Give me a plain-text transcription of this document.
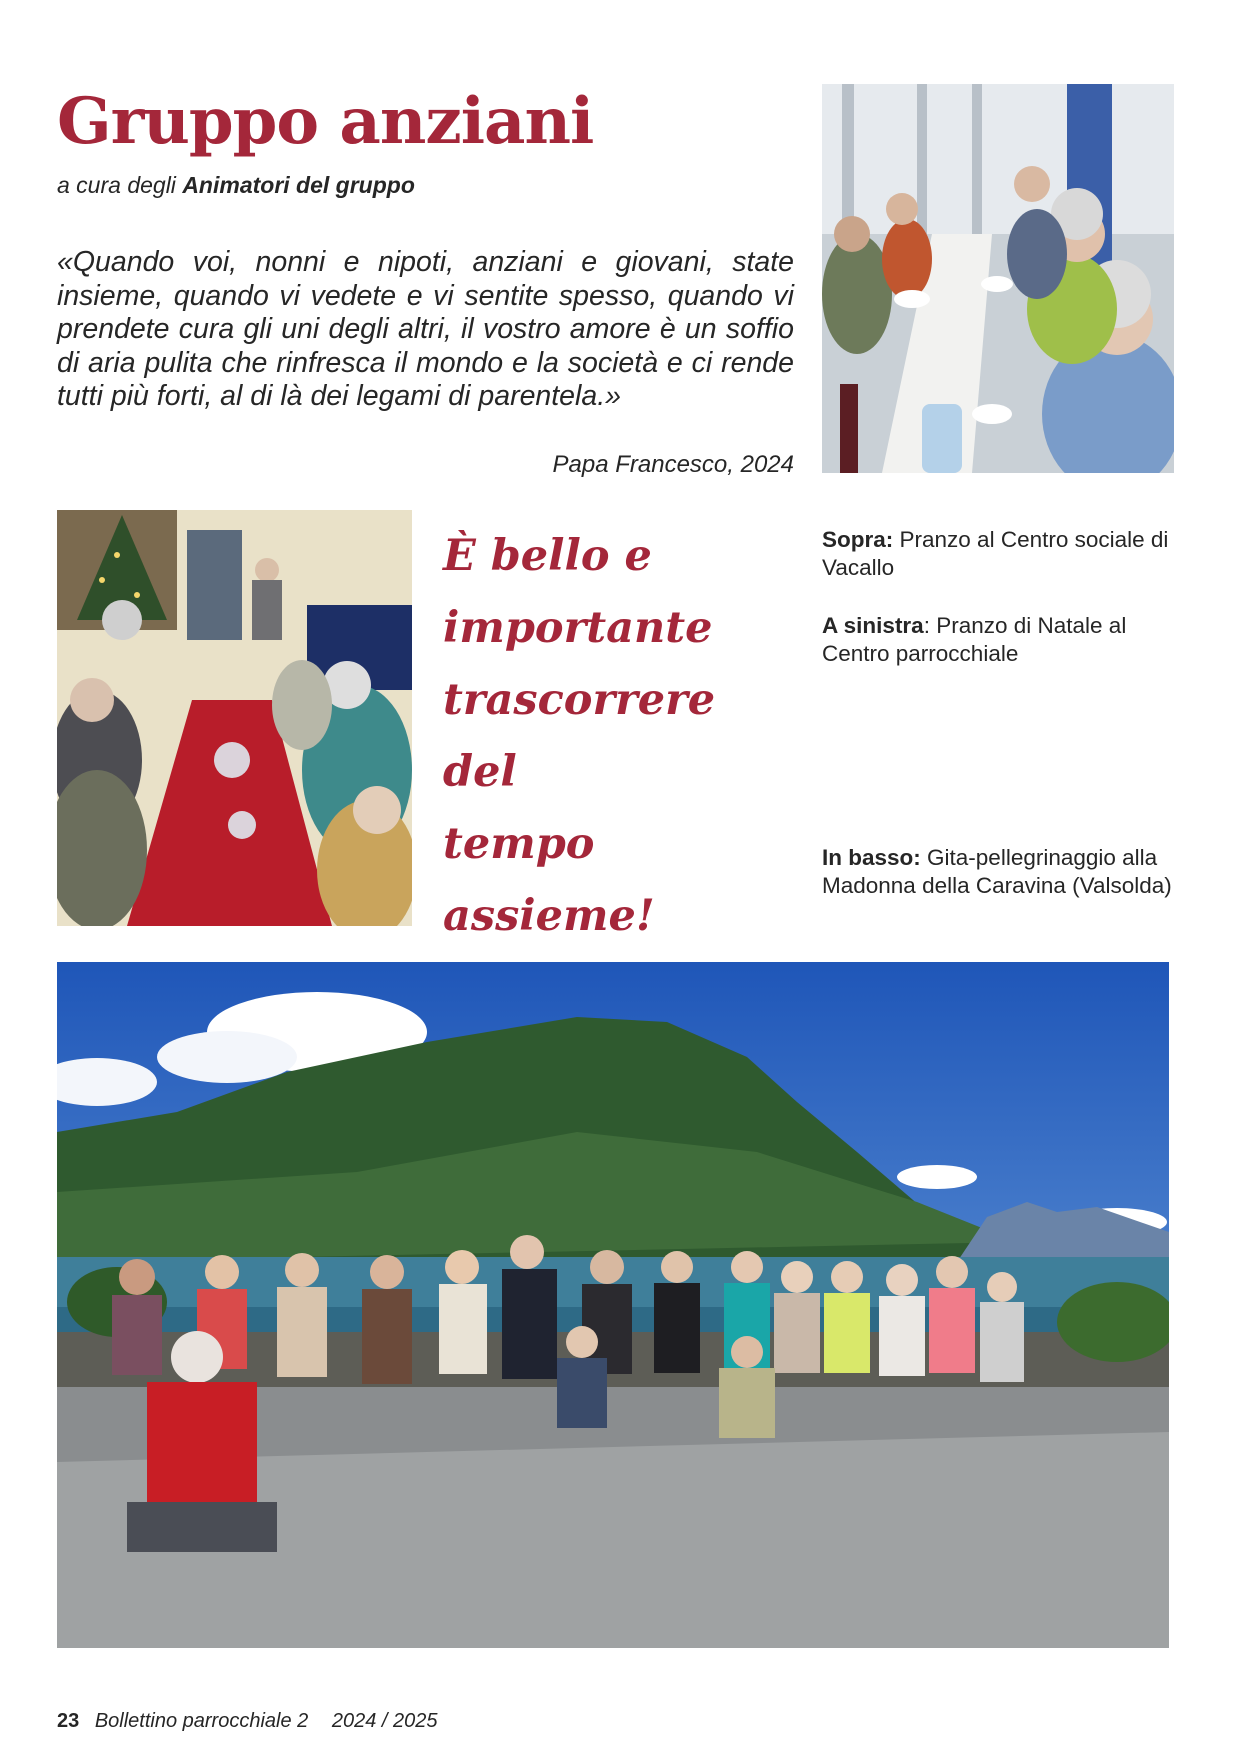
Gruppo anziani
a cura degli Animatori del gruppo

«Quando voi, nonni e nipoti, anziani e giovani, state insieme, quando vi vedete e vi sentite spesso, quando vi prendete cura gli uni degli altri, il vostro amore è un soffio di aria pulita che rinfresca il mondo e la società e ci rende tutti più forti, al di là dei legami di parentela.»

Papa Francesco, 2024
È bello e
importante
trascorrere del
tempo assieme!

Sopra: Pranzo al Centro sociale di Vacallo

A sinistra: Pranzo di Natale al Centro parrocchiale

In basso: Gita-pellegrinaggio alla Madonna della Caravina (Valsolda)

23 Bollettino parrocchiale 2 2024 / 2025
